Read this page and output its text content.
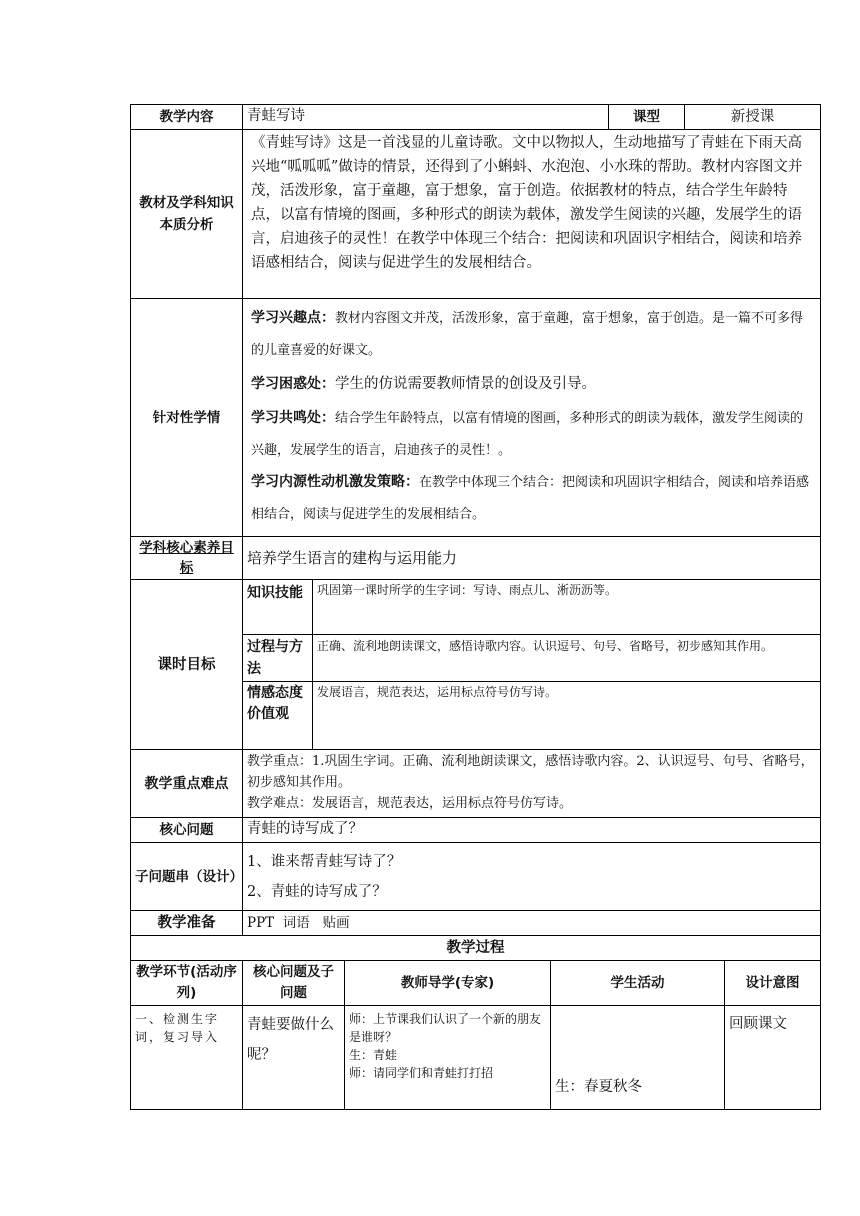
教学内容	青蛙写诗				课型	新授课	
教材及学科知识本质分析	《青蛙写诗》这是一首浅显的儿童诗歌。文中以物拟人，生动地描写了青蛙在下雨天高兴地“呱呱呱”做诗的情景，还得到了小蝌蚪、水泡泡、小水珠的帮助。教材内容图文并茂，活泼形象，富于童趣，富于想象，富于创造。依据教材的特点，结合学生年龄特点，以富有情境的图画，多种形式的朗读为载体，激发学生阅读的兴趣，发展学生的语言，启迪孩子的灵性！在教学中体现三个结合：把阅读和巩固识字相结合，阅读和培养语感相结合，阅读与促进学生的发展相结合。						
针对性学情	学习兴趣点：教材内容图文并茂，活泼形象，富于童趣，富于想象，富于创造。是一篇不可多得的儿童喜爱的好课文。

学习困惑处：学生的仿说需要教师情景的创设及引导。

学习共鸣处：结合学生年龄特点，以富有情境的图画，多种形式的朗读为载体，激发学生阅读的兴趣，发展学生的语言，启迪孩子的灵性！。

学习内源性动机激发策略：在教学中体现三个结合：把阅读和巩固识字相结合，阅读和培养语感相结合，阅读与促进学生的发展相结合。						

学科核心素养目标	培养学生语言的建构与运用能力						
课时目标	知识技能	巩固第一课时所学的生字词：写诗、雨点儿、淅沥沥等。					
	过程与方法	正确、流利地朗读课文，感悟诗歌内容。认识逗号、句号、省略号，初步感知其作用。					
	情感态度价值观	发展语言，规范表达，运用标点符号仿写诗。					
教学重点难点	教学重点：1.巩固生字词。正确、流利地朗读课文，感悟诗歌内容。2、认识逗号、句号、省略号，初步感知其作用。

教学难点：发展语言，规范表达，运用标点符号仿写诗。						

核心问题	青蛙的诗写成了？						
子问题串（设计）	1、谁来帮青蛙写诗了？

2、青蛙的诗写成了？						

教学准备	PPT  词语   贴画						
教学过程							
教学环节(活动序列)	核心问题及子问题		教师导学(专家)	学生活动			设计意图
一、检测生字词，复习导入	青蛙要做什么呢？		师：上节课我们认识了一个新的朋友是谁呀？

生：青蛙

师：请同学们和青蛙打打招	生：春夏秋冬			回顾课文
